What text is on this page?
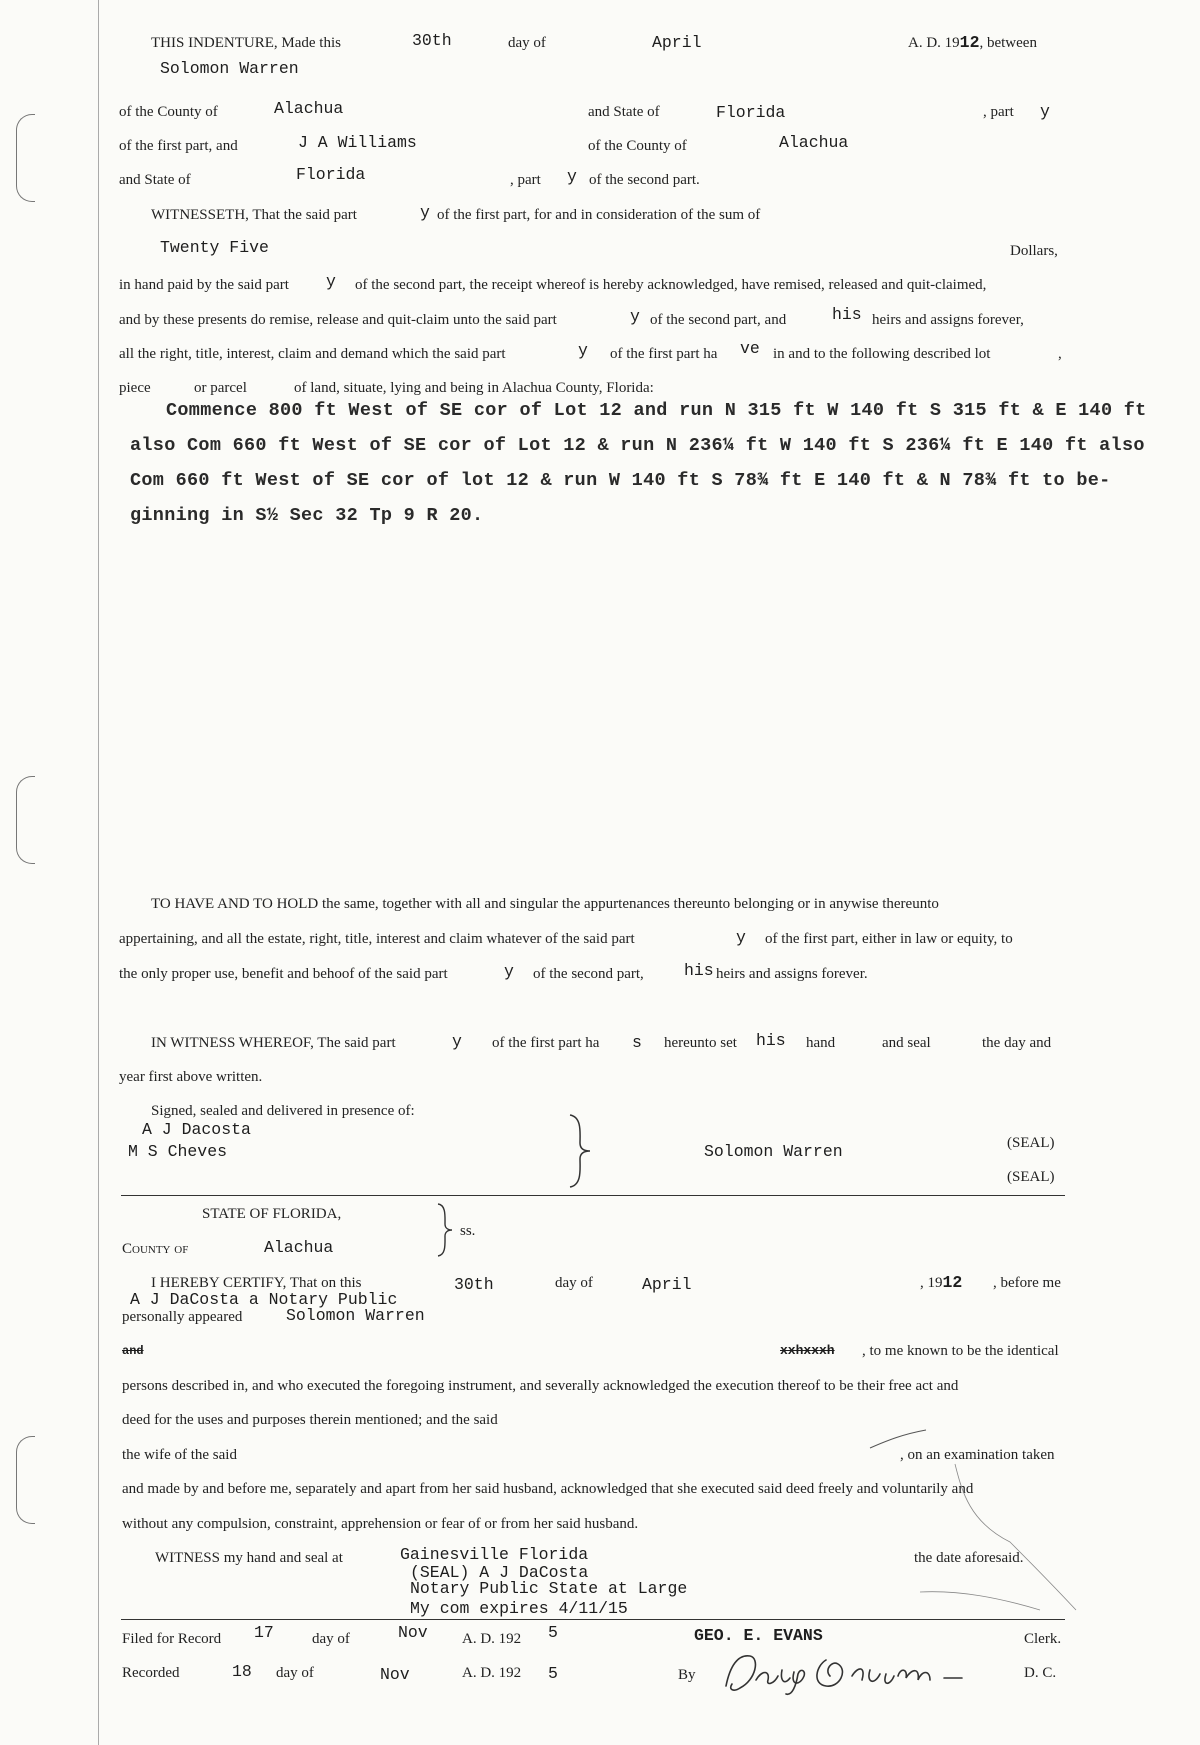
THIS INDENTURE, Made this	30th	day of	April	A. D. 1912, between
Solomon Warren
of the County of	Alachua	and State of	Florida	, part y
of the first part, and	J A Williams	of the County of	Alachua
and State of	Florida	, part y of the second part.
WITNESSETH, That the said part	y of the first part, for and in consideration of the sum of
Twenty Five	Dollars,
in hand paid by the said part y of the second part, the receipt whereof is hereby acknowledged, have remised, released and quit-claimed,
and by these presents do remise, release and quit-claim unto the said part	y of the second part, and	his heirs and assigns forever,
all the right, title, interest, claim and demand which the said part	y of the first part ha ve in and to the following described lot	,
piece	or parcel	of land, situate, lying and being in Alachua County, Florida:
Commence 800 ft West of SE cor of Lot 12 and run N 315 ft W 140 ft S 315 ft & E 140 ft
also Com 660 ft West of SE cor of Lot 12 & run N 236¼ ft W 140 ft S 236¼ ft E 140 ft also
Com 660 ft West of SE cor of lot 12 & run W 140 ft S 78¾ ft E 140 ft & N 78¾ ft to be-
ginning in S½ Sec 32 Tp 9 R 20.
TO HAVE AND TO HOLD the same, together with all and singular the appurtenances thereunto belonging or in anywise thereunto
appertaining, and all the estate, right, title, interest and claim whatever of the said part	y of the first part, either in law or equity, to
the only proper use, benefit and behoof of the said part	y of the second part, his heirs and assigns forever.
IN WITNESS WHEREOF, The said part	y of the first part ha s hereunto set his hand	and seal	the day and
year first above written.
Signed, sealed and delivered in presence of:
A J Dacosta
M S Cheves	Solomon Warren	(SEAL)
(SEAL)
STATE OF FLORIDA,
County of	Alachua
ss.
I HEREBY CERTIFY, That on this	30th	day of	April	, 1912 , before me
A J DaCosta a Notary Public
personally appeared	Solomon Warren
and	xxhxxxh , to me known to be the identical
persons described in, and who executed the foregoing instrument, and severally acknowledged the execution thereof to be their free act and
deed for the uses and purposes therein mentioned; and the said
the wife of the said	, on an examination taken
and made by and before me, separately and apart from her said husband, acknowledged that she executed said deed freely and voluntarily and
without any compulsion, constraint, apprehension or fear of or from her said husband.
WITNESS my hand and seal at	Gainesville Florida	the date aforesaid.
(SEAL) A J DaCosta
Notary Public State at Large
My com expires 4/11/15
Filed for Record 17	day of	Nov A. D. 192 5	GEO. E. EVANS	Clerk.
Recorded	18 day of	Nov	A. D. 192 5	By	D. C.
